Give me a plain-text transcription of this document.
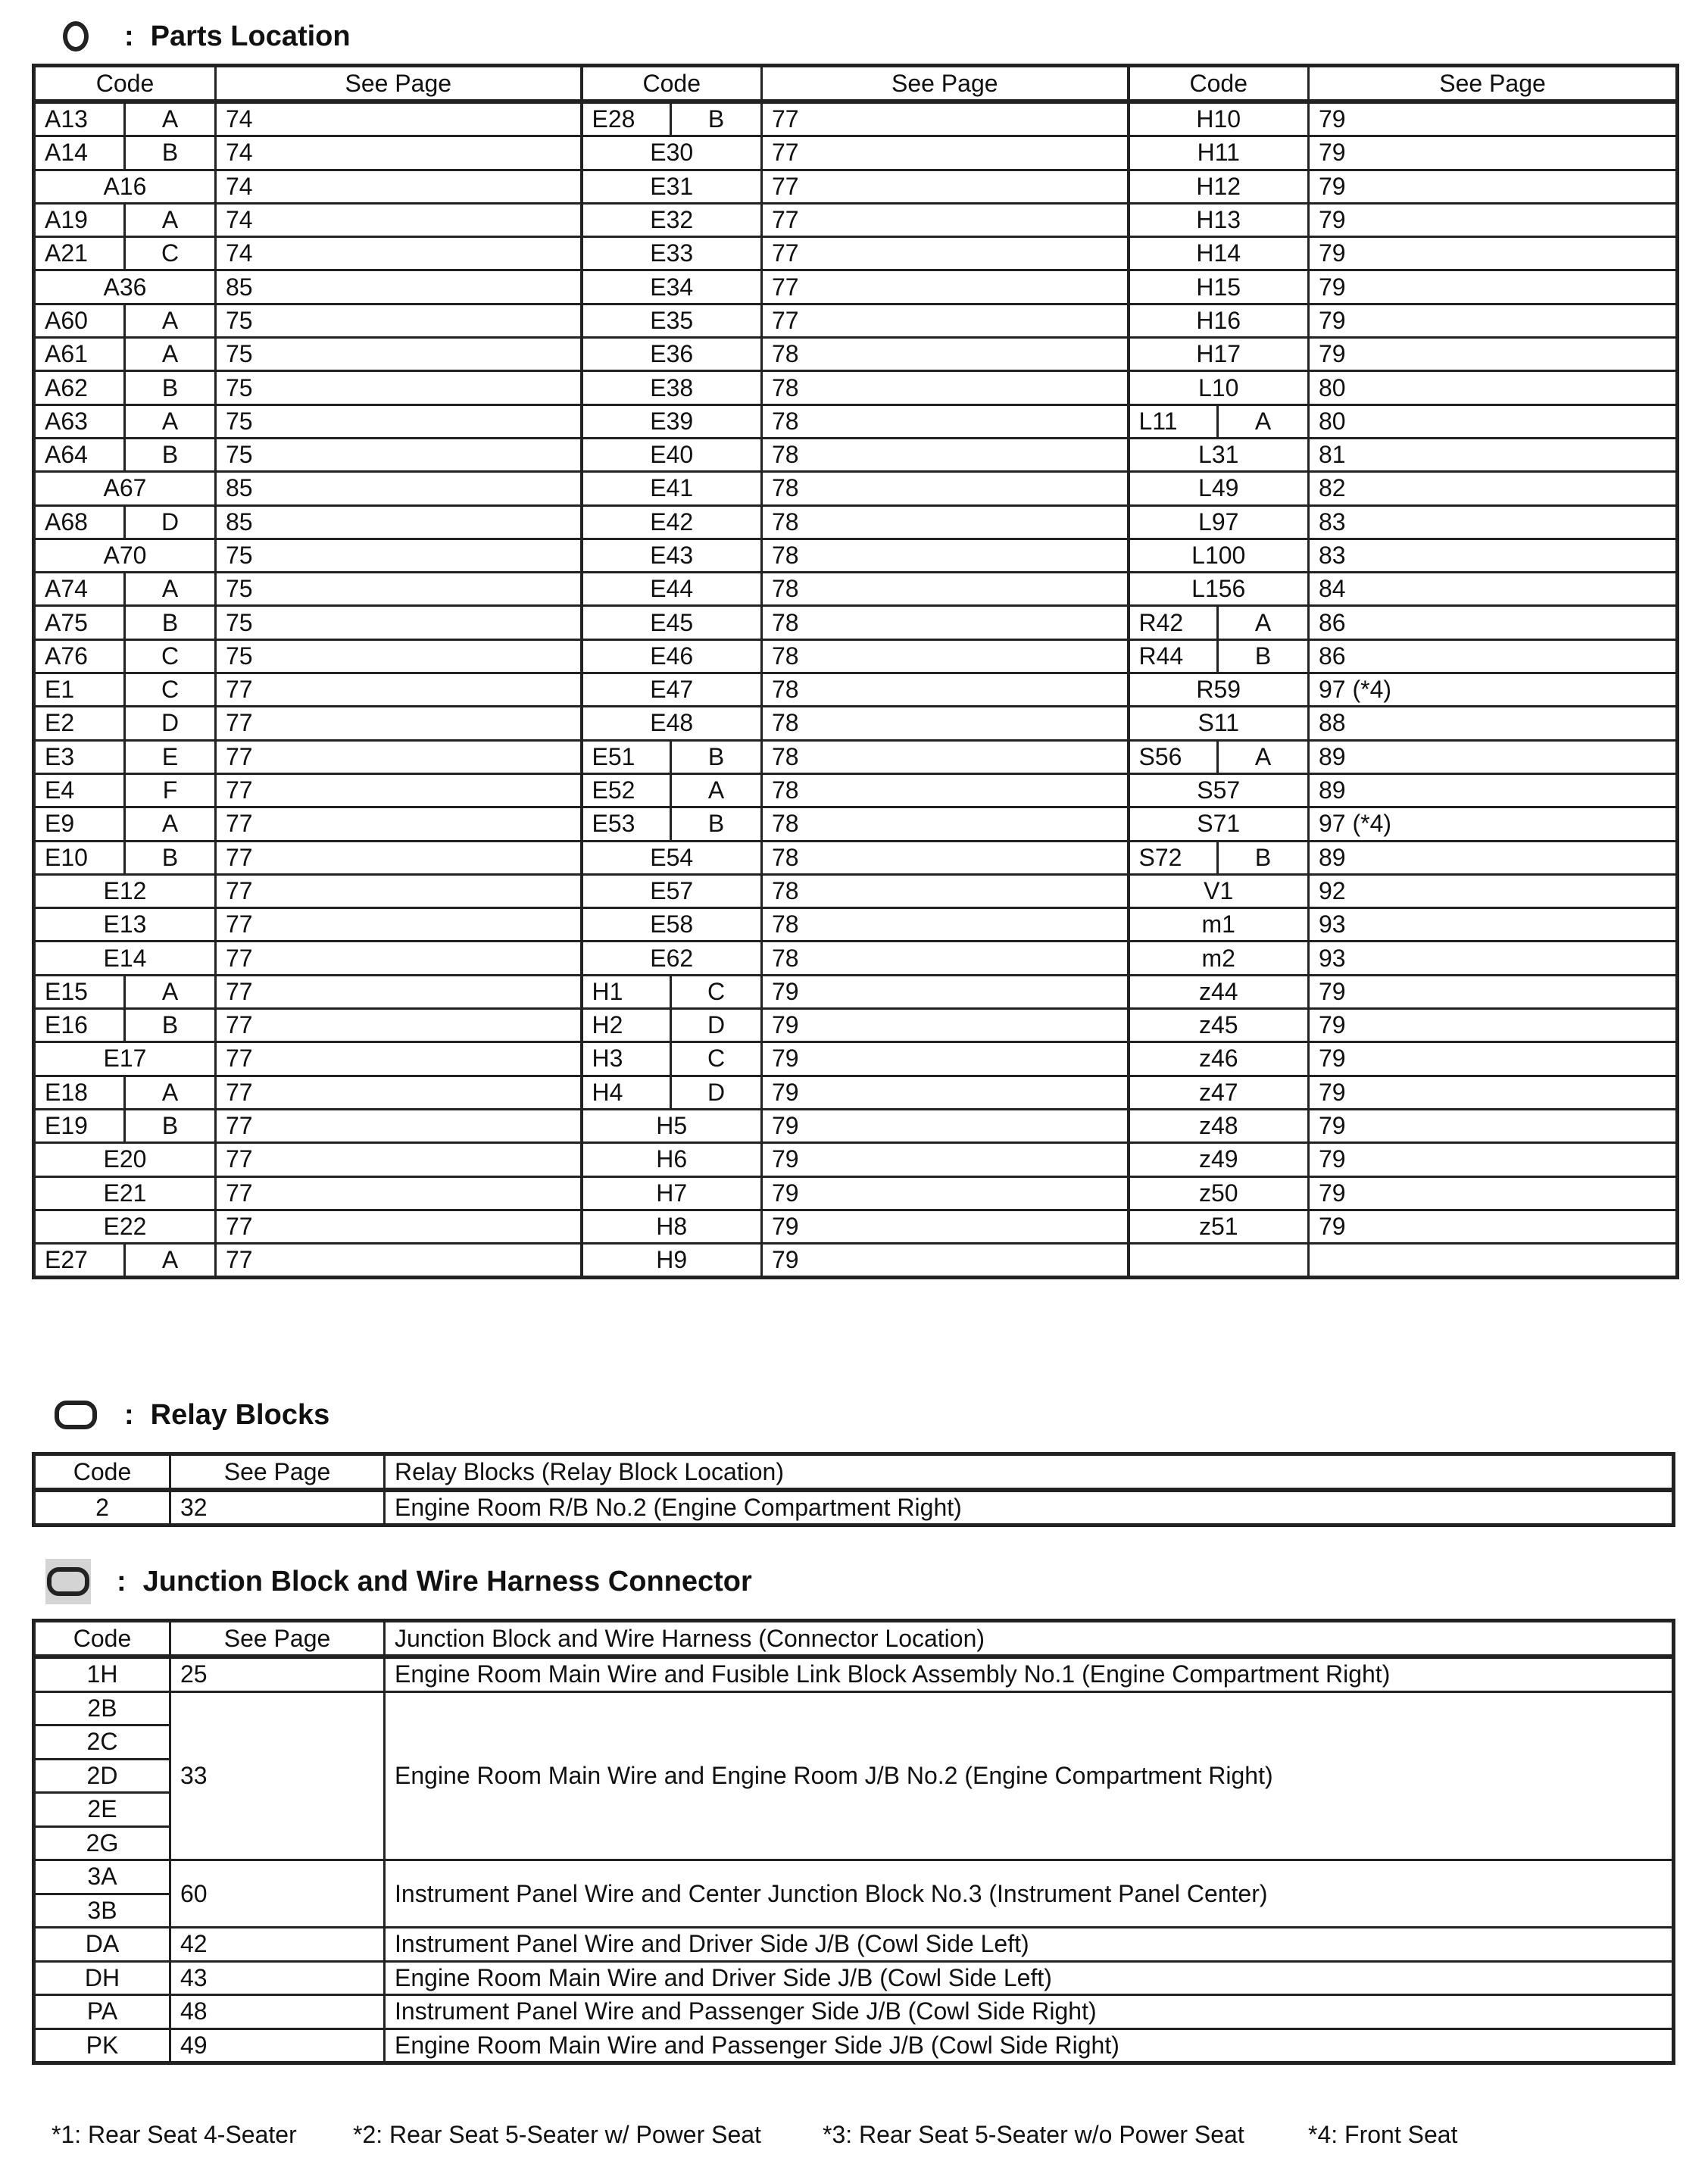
: Parts Location
Code		See Page	Code		See Page	Code		See Page
A13	A	74	E28	B	77	H10		79
A14	B	74	E30		77	H11		79
A16		74	E31		77	H12		79
A19	A	74	E32		77	H13		79
A21	C	74	E33		77	H14		79
A36		85	E34		77	H15		79
A60	A	75	E35		77	H16		79
A61	A	75	E36		78	H17		79
A62	B	75	E38		78	L10		80
A63	A	75	E39		78	L11	A	80
A64	B	75	E40		78	L31		81
A67		85	E41		78	L49		82
A68	D	85	E42		78	L97		83
A70		75	E43		78	L100		83
A74	A	75	E44		78	L156		84
A75	B	75	E45		78	R42	A	86
A76	C	75	E46		78	R44	B	86
E1	C	77	E47		78	R59		97 (*4)
E2	D	77	E48		78	S11		88
E3	E	77	E51	B	78	S56	A	89
E4	F	77	E52	A	78	S57		89
E9	A	77	E53	B	78	S71		97 (*4)
E10	B	77	E54		78	S72	B	89
E12		77	E57		78	V1		92
E13		77	E58		78	m1		93
E14		77	E62		78	m2		93
E15	A	77	H1	C	79	z44		79
E16	B	77	H2	D	79	z45		79
E17		77	H3	C	79	z46		79
E18	A	77	H4	D	79	z47		79
E19	B	77	H5		79	z48		79
E20		77	H6		79	z49		79
E21		77	H7		79	z50		79
E22		77	H8		79	z51		79
E27	A	77	H9		79			
: Relay Blocks
Code	See Page	Relay Blocks (Relay Block Location)
2	32	Engine Room R/B No.2 (Engine Compartment Right)
: Junction Block and Wire Harness Connector
Code	See Page	Junction Block and Wire Harness (Connector Location)
1H	25	Engine Room Main Wire and Fusible Link Block Assembly No.1 (Engine Compartment Right)
2B	33	Engine Room Main Wire and Engine Room J/B No.2 (Engine Compartment Right)
2C		
2D		
2E		
2G		
3A	60	Instrument Panel Wire and Center Junction Block No.3 (Instrument Panel Center)
3B		
DA	42	Instrument Panel Wire and Driver Side J/B (Cowl Side Left)
DH	43	Engine Room Main Wire and Driver Side J/B (Cowl Side Left)
PA	48	Instrument Panel Wire and Passenger Side J/B (Cowl Side Right)
PK	49	Engine Room Main Wire and Passenger Side J/B (Cowl Side Right)
*1: Rear Seat 4-Seater *2: Rear Seat 5-Seater w/ Power Seat	*3: Rear Seat 5-Seater w/o Power Seat	*4: Front Seat
